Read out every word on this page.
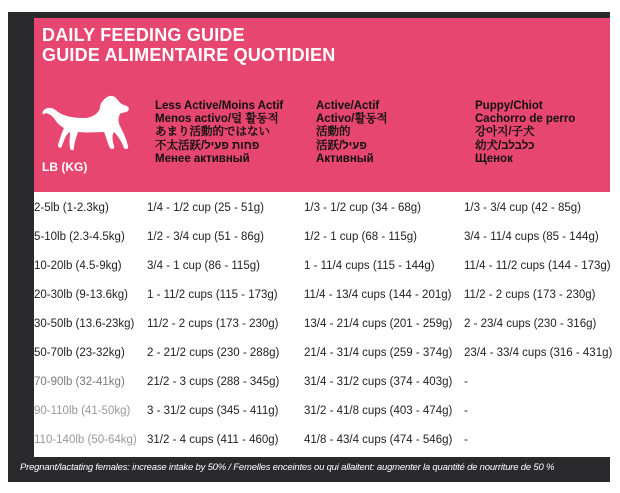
DAILY FEEDING GUIDE
GUIDE ALIMENTAIRE QUOTIDIEN
LB (KG)
Less Active/Moins Actif
Menos activo/덜 활동적
あまり活動的ではない
不太活跃/פחות פעיל
Менее активный
Active/Actif
Activo/활동적
活動的
活跃/פעיל
Активный
Puppy/Chiot
Cachorro de perro
강아지/子犬
幼犬/כלבלב
Щенок
2-5lb (1-2.3kg)	1/4 - 1/2 cup (25 - 51g)	1/3 - 1/2 cup (34 - 68g)	1/3 - 3/4 cup (42 - 85g)
5-10lb (2.3-4.5kg)	1/2 - 3/4 cup (51 - 86g)	1/2 - 1 cup (68 - 115g)	3/4 - 11/4 cups (85 - 144g)
10-20lb (4.5-9kg)	3/4 - 1 cup (86 - 115g)	1 - 11/4 cups (115 - 144g)	11/4 - 11/2 cups (144 - 173g)
20-30lb (9-13.6kg)	1 - 11/2 cups (115 - 173g) 11/4 - 13/4 cups (144 - 201g) 11/2 - 2 cups (173 - 230g)
30-50lb (13.6-23kg) 11/2 - 2 cups (173 - 230g) 13/4 - 21/4 cups (201 - 259g) 2 - 23/4 cups (230 - 316g)
50-70lb (23-32kg)	2 - 21/2 cups (230 - 288g) 21/4 - 31/4 cups (259 - 374g) 23/4 - 33/4 cups (316 - 431g)
70-90lb (32-41kg)	21/2 - 3 cups (288 - 345g) 31/4 - 31/2 cups (374 - 403g) -
90-110lb (41-50kg)	3 - 31/2 cups (345 - 411g) 31/2 - 41/8 cups (403 - 474g) -
110-140lb (50-64kg) 31/2 - 4 cups (411 - 460g) 41/8 - 43/4 cups (474 - 546g) -
Pregnant/lactating females: increase intake by 50% / Femelles enceintes ou qui allaitent: augmenter la quantité de nourriture de 50 %
